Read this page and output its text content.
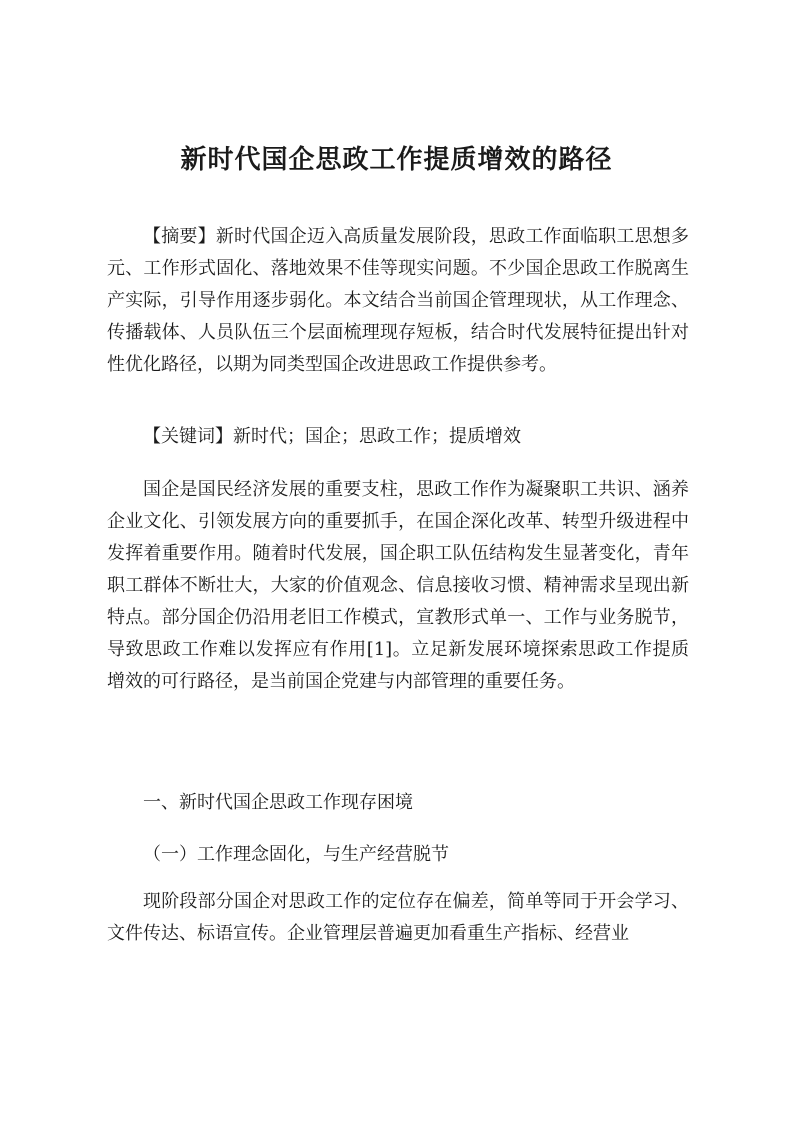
新时代国企思政工作提质增效的路径

【摘要】新时代国企迈入高质量发展阶段，思政工作面临职工思想多元、工作形式固化、落地效果不佳等现实问题。不少国企思政工作脱离生产实际，引导作用逐步弱化。本文结合当前国企管理现状，从工作理念、传播载体、人员队伍三个层面梳理现存短板，结合时代发展特征提出针对性优化路径，以期为同类型国企改进思政工作提供参考。

【关键词】新时代；国企；思政工作；提质增效

国企是国民经济发展的重要支柱，思政工作作为凝聚职工共识、涵养企业文化、引领发展方向的重要抓手，在国企深化改革、转型升级进程中发挥着重要作用。随着时代发展，国企职工队伍结构发生显著变化，青年职工群体不断壮大，大家的价值观念、信息接收习惯、精神需求呈现出新特点。部分国企仍沿用老旧工作模式，宣教形式单一、工作与业务脱节，导致思政工作难以发挥应有作用[1]。立足新发展环境探索思政工作提质增效的可行路径，是当前国企党建与内部管理的重要任务。

一、新时代国企思政工作现存困境

（一）工作理念固化，与生产经营脱节

现阶段部分国企对思政工作的定位存在偏差，简单等同于开会学习、文件传达、标语宣传。企业管理层普遍更加看重生产指标、经营业
